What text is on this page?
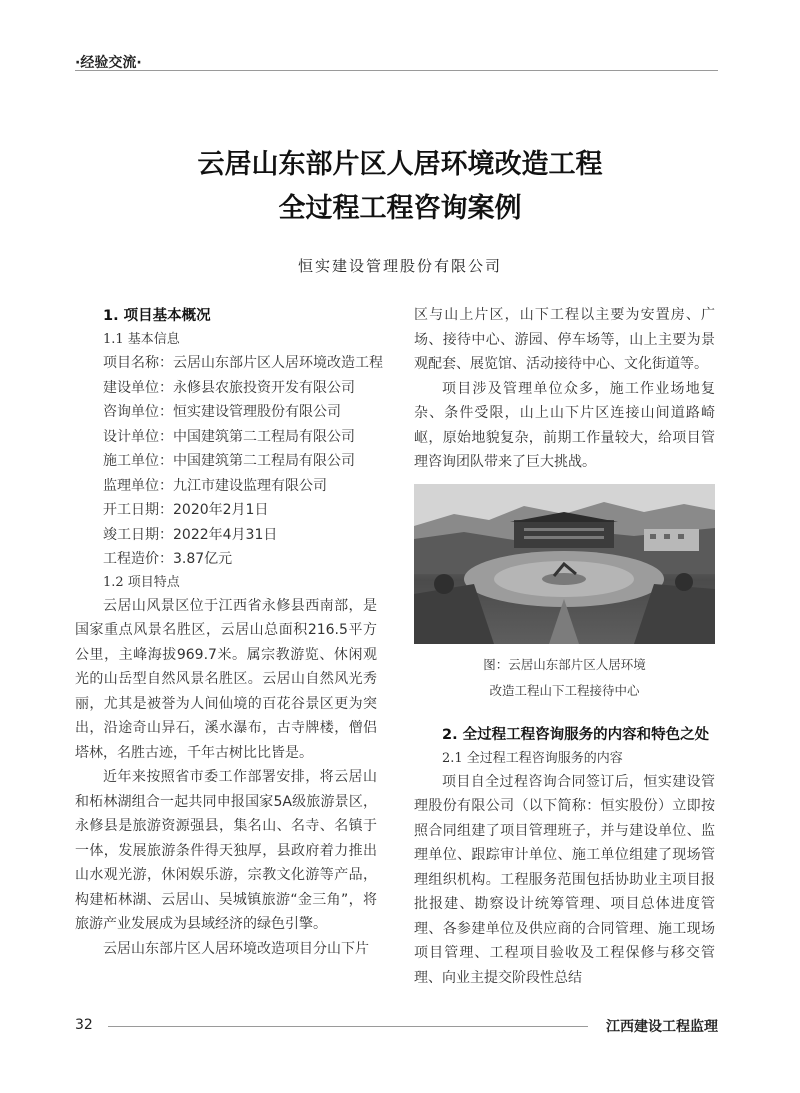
·经验交流·
云居山东部片区人居环境改造工程
全过程工程咨询案例
恒实建设管理股份有限公司
1. 项目基本概况
1.1 基本信息
项目名称：云居山东部片区人居环境改造工程
建设单位：永修县农旅投资开发有限公司
咨询单位：恒实建设管理股份有限公司
设计单位：中国建筑第二工程局有限公司
施工单位：中国建筑第二工程局有限公司
监理单位：九江市建设监理有限公司
开工日期：2020年2月1日
竣工日期：2022年4月31日
工程造价：3.87亿元
1.2 项目特点
云居山风景区位于江西省永修县西南部，是国家重点风景名胜区，云居山总面积216.5平方公里，主峰海拔969.7米。属宗教游览、休闲观光的山岳型自然风景名胜区。云居山自然风光秀丽，尤其是被誉为人间仙境的百花谷景区更为突出，沿途奇山异石，溪水瀑布，古寺牌楼，僧侣塔林，名胜古迹，千年古树比比皆是。
近年来按照省市委工作部署安排，将云居山和柘林湖组合一起共同申报国家5A级旅游景区，永修县是旅游资源强县，集名山、名寺、名镇于一体，发展旅游条件得天独厚，县政府着力推出山水观光游，休闲娱乐游，宗教文化游等产品，构建柘林湖、云居山、吴城镇旅游“金三角”，将旅游产业发展成为县域经济的绿色引擎。
云居山东部片区人居环境改造项目分山下片
区与山上片区，山下工程以主要为安置房、广场、接待中心、游园、停车场等，山上主要为景观配套、展览馆、活动接待中心、文化街道等。
项目涉及管理单位众多，施工作业场地复杂、条件受限，山上山下片区连接山间道路崎岖，原始地貌复杂，前期工作量较大，给项目管理咨询团队带来了巨大挑战。
图：云居山东部片区人居环境
改造工程山下工程接待中心
2. 全过程工程咨询服务的内容和特色之处
2.1 全过程工程咨询服务的内容
项目自全过程咨询合同签订后，恒实建设管理股份有限公司（以下简称：恒实股份）立即按照合同组建了项目管理班子，并与建设单位、监理单位、跟踪审计单位、施工单位组建了现场管理组织机构。工程服务范围包括协助业主项目报批报建、勘察设计统筹管理、项目总体进度管理、各参建单位及供应商的合同管理、施工现场项目管理、工程项目验收及工程保修与移交管理、向业主提交阶段性总结
32	江西建设工程监理
